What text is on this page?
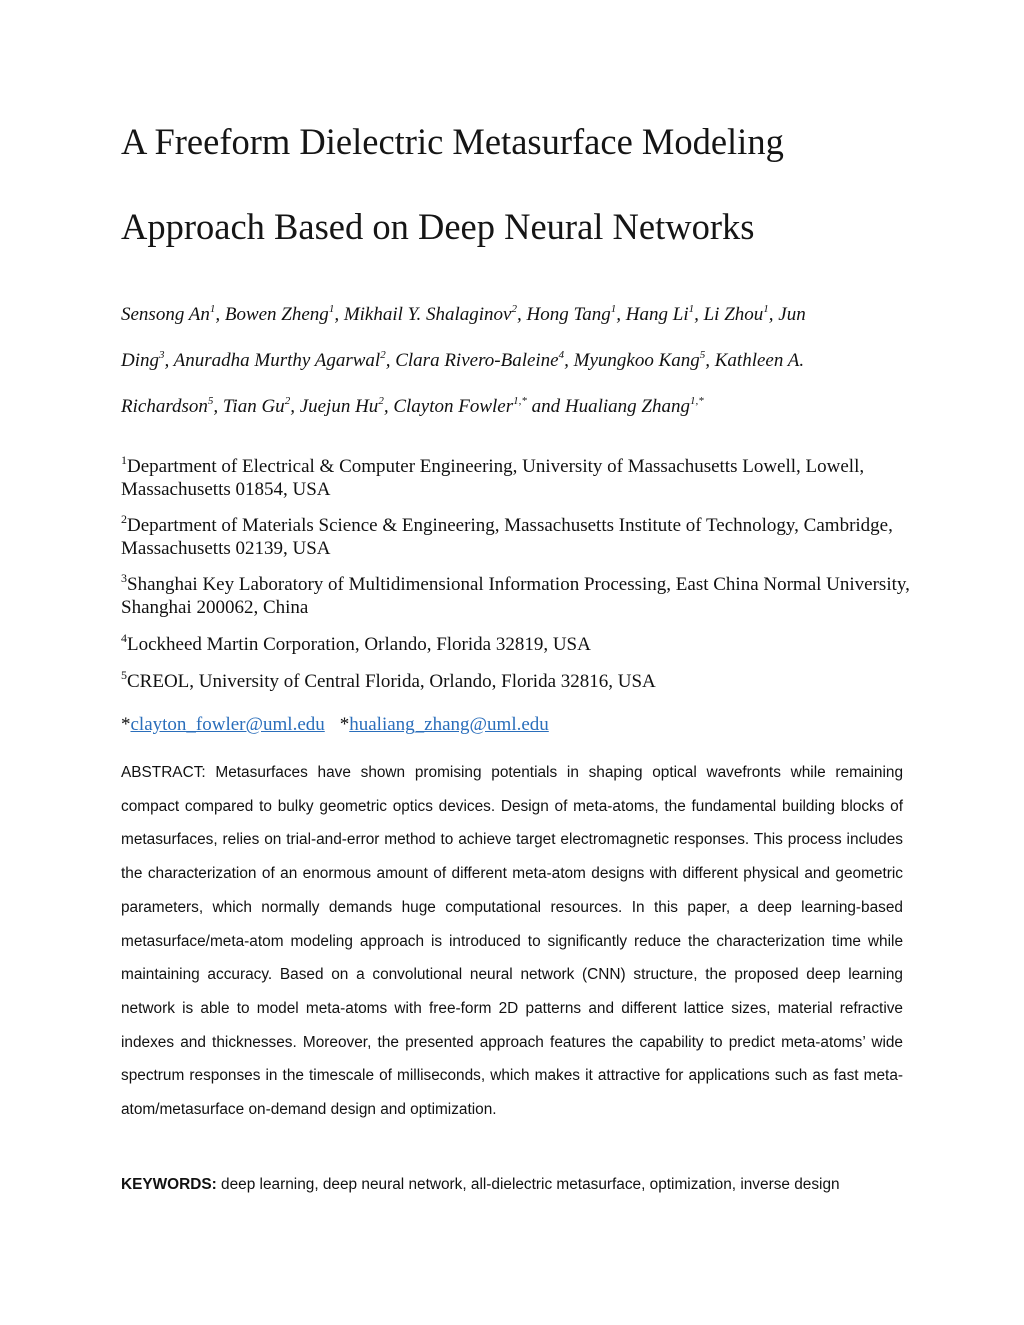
A Freeform Dielectric Metasurface Modeling
Approach Based on Deep Neural Networks
Sensong An$^1$, Bowen Zheng$^1$, Mikhail Y. Shalaginov$^2$, Hong Tang$^1$, Hang Li$^1$, Li Zhou$^1$, Jun
Ding$^3$, Anuradha Murthy Agarwal$^2$, Clara Rivero-Baleine$^4$, Myungkoo Kang$^5$, Kathleen A.
Richardson$^5$, Tian Gu$^2$, Juejun Hu$^2$, Clayton Fowler$^{1,*}$ and Hualiang Zhang$^{1,*}$
$^1$Department of Electrical & Computer Engineering, University of Massachusetts Lowell, Lowell, Massachusetts 01854, USA
$^2$Department of Materials Science & Engineering, Massachusetts Institute of Technology, Cambridge, Massachusetts 02139, USA
$^3$Shanghai Key Laboratory of Multidimensional Information Processing, East China Normal University, Shanghai 200062, China
$^4$Lockheed Martin Corporation, Orlando, Florida 32819, USA
$^5$CREOL, University of Central Florida, Orlando, Florida 32816, USA
*clayton_fowler@uml.edu *hualiang_zhang@uml.edu
ABSTRACT: Metasurfaces have shown promising potentials in shaping optical wavefronts while remaining compact compared to bulky geometric optics devices. Design of meta-atoms, the fundamental building blocks of metasurfaces, relies on trial-and-error method to achieve target electromagnetic responses. This process includes the characterization of an enormous amount of different meta-atom designs with different physical and geometric parameters, which normally demands huge computational resources. In this paper, a deep learning-based metasurface/meta-atom modeling approach is introduced to significantly reduce the characterization time while maintaining accuracy. Based on a convolutional neural network (CNN) structure, the proposed deep learning network is able to model meta-atoms with free-form 2D patterns and different lattice sizes, material refractive indexes and thicknesses. Moreover, the presented approach features the capability to predict meta-atoms’ wide spectrum responses in the timescale of milliseconds, which makes it attractive for applications such as fast meta-atom/metasurface on-demand design and optimization.
KEYWORDS: deep learning, deep neural network, all-dielectric metasurface, optimization, inverse design
